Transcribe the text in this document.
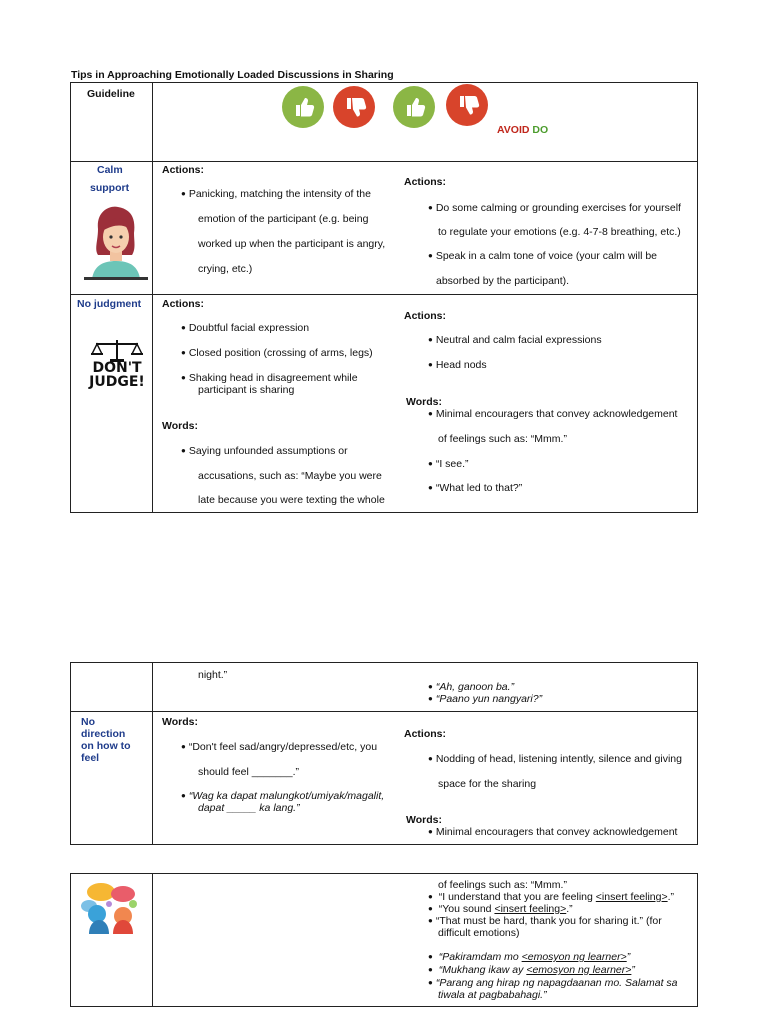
Tips in Approaching Emotionally Loaded Discussions in Sharing
Guideline
AVOID DO
Calm
support
Actions:
● Panicking, matching the intensity of the
emotion of the participant (e.g. being
worked up when the participant is angry,
crying, etc.)
Actions:
● Do some calming or grounding exercises for yourself
to regulate your emotions (e.g. 4-7-8 breathing, etc.)
● Speak in a calm tone of voice (your calm will be
absorbed by the participant).
No judgment
DON'T
JUDGE!
Actions:
● Doubtful facial expression
● Closed position (crossing of arms, legs)
● Shaking head in disagreement while
participant is sharing
Words:
● Saying unfounded assumptions or
accusations, such as: “Maybe you were
late because you were texting the whole
Actions:
● Neutral and calm facial expressions
● Head nods
Words:
● Minimal encouragers that convey acknowledgement
of feelings such as: “Mmm.”
● “I see.”
● “What led to that?”
night.”
● “Ah, ganoon ba.”
● “Paano yun nangyari?”
No
direction
on how to
feel
Words:
● “Don't feel sad/angry/depressed/etc, you
should feel _______.”
● “Wag ka dapat malungkot/umiyak/magalit,
dapat _____ ka lang.”
Actions:
● Nodding of head, listening intently, silence and giving
space for the sharing
Words:
● Minimal encouragers that convey acknowledgement
of feelings such as: “Mmm.”
● “I understand that you are feeling <insert feeling>.”
● “You sound <insert feeling>.”
● “That must be hard, thank you for sharing it.” (for
difficult emotions)
● “Pakiramdam mo <emosyon ng learner>”
● “Mukhang ikaw ay <emosyon ng learner>”
● “Parang ang hirap ng napagdaanan mo. Salamat sa
tiwala at pagbabahagi.”
